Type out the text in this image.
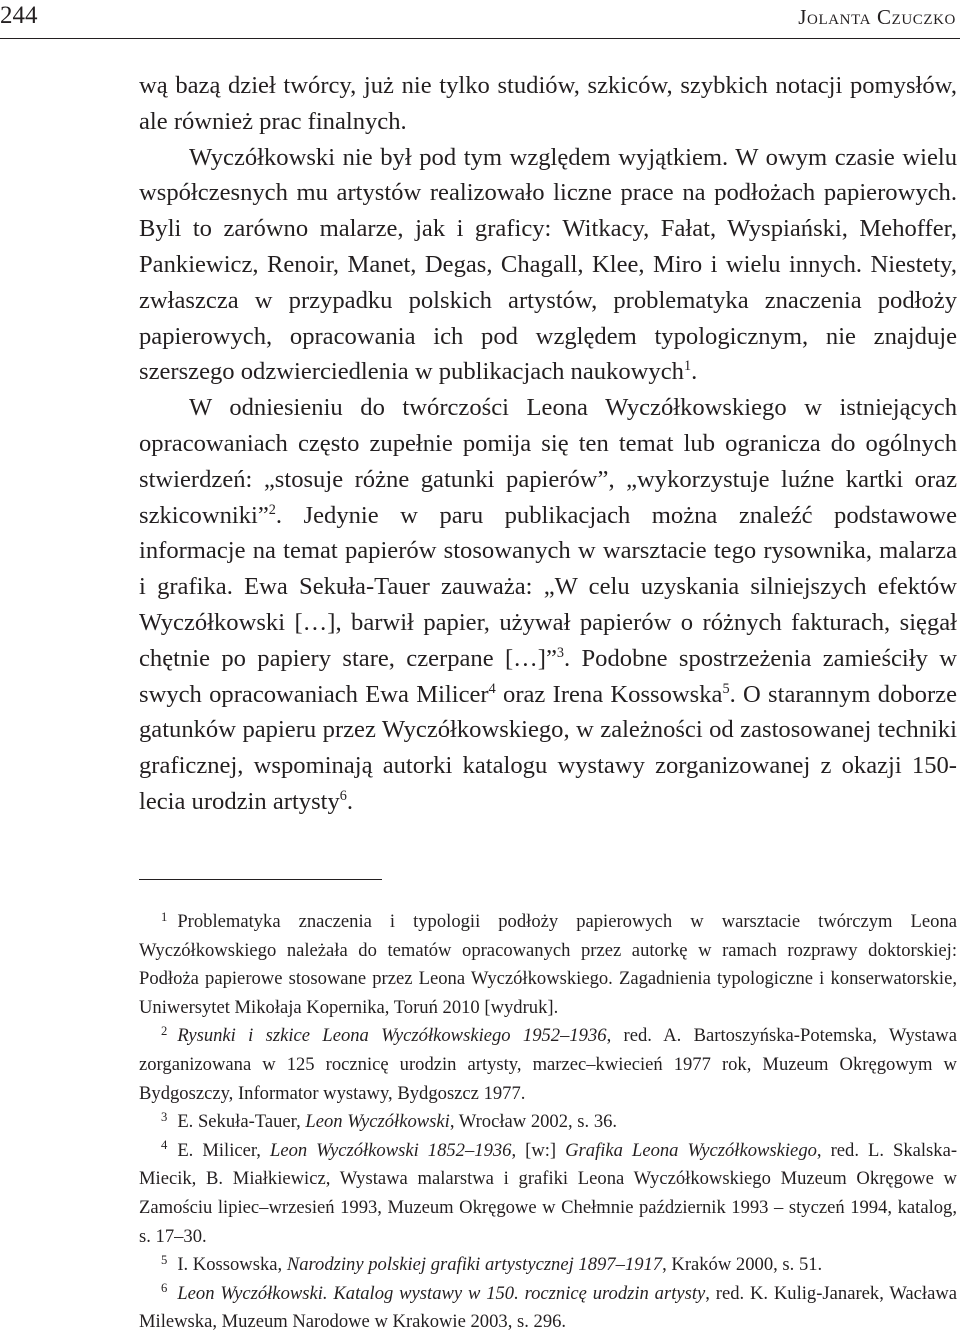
244	Jolanta Czuczko

wą bazą dzieł twórcy, już nie tylko studiów, szkiców, szybkich notacji pomysłów, ale również prac finalnych.

Wyczółkowski nie był pod tym względem wyjątkiem. W owym czasie wielu współczesnych mu artystów realizowało liczne prace na podłożach papierowych. Byli to zarówno malarze, jak i graficy: Witkacy, Fałat, Wyspiański, Mehoffer, Pankiewicz, Renoir, Manet, Degas, Chagall, Klee, Miro i wielu innych. Niestety, zwłaszcza w przypadku polskich artystów, problematyka znaczenia podłoży papierowych, opracowania ich pod względem typologicznym, nie znajduje szerszego odzwierciedlenia w publikacjach naukowych$^1$.

W odniesieniu do twórczości Leona Wyczółkowskiego w istniejących opracowaniach często zupełnie pomija się ten temat lub ogranicza do ogólnych stwierdzeń: „stosuje różne gatunki papierów”, „wykorzystuje luźne kartki oraz szkicowniki”$^2$. Jedynie w paru publikacjach można znaleźć podstawowe informacje na temat papierów stosowanych w warsztacie tego rysownika, malarza i grafika. Ewa Sekuła-Tauer zauważa: „W celu uzyskania silniejszych efektów Wyczółkowski […], barwił papier, używał papierów o różnych fakturach, sięgał chętnie po papiery stare, czerpane […]”$^3$. Podobne spostrzeżenia zamieściły w swych opracowaniach Ewa Milicer$^4$ oraz Irena Kossowska$^5$. O starannym doborze gatunków papieru przez Wyczółkowskiego, w zależności od zastosowanej techniki graficznej, wspominają autorki katalogu wystawy zorganizowanej z okazji 150-lecia urodzin artysty$^6$.

$^1$ Problematyka znaczenia i typologii podłoży papierowych w warsztacie twórczym Leona Wyczółkowskiego należała do tematów opracowanych przez autorkę w ramach rozprawy doktorskiej: Podłoża papierowe stosowane przez Leona Wyczółkowskiego. Zagadnienia typologiczne i konserwatorskie, Uniwersytet Mikołaja Kopernika, Toruń 2010 [wydruk].

$^2$ Rysunki i szkice Leona Wyczółkowskiego 1952–1936, red. A. Bartoszyńska-Potemska, Wystawa zorganizowana w 125 rocznicę urodzin artysty, marzec–kwiecień 1977 rok, Muzeum Okręgowym w Bydgoszczy, Informator wystawy, Bydgoszcz 1977.

$^3$ E. Sekuła-Tauer, Leon Wyczółkowski, Wrocław 2002, s. 36.

$^4$ E. Milicer, Leon Wyczółkowski 1852–1936, [w:] Grafika Leona Wyczółkowskiego, red. L. Skalska-Miecik, B. Miałkiewicz, Wystawa malarstwa i grafiki Leona Wyczółkowskiego Muzeum Okręgowe w Zamościu lipiec–wrzesień 1993, Muzeum Okręgowe w Chełmnie październik 1993 – styczeń 1994, katalog, s. 17–30.

$^5$ I. Kossowska, Narodziny polskiej grafiki artystycznej 1897–1917, Kraków 2000, s. 51.

$^6$ Leon Wyczółkowski. Katalog wystawy w 150. rocznicę urodzin artysty, red. K. Kulig-Janarek, Wacława Milewska, Muzeum Narodowe w Krakowie 2003, s. 296.
